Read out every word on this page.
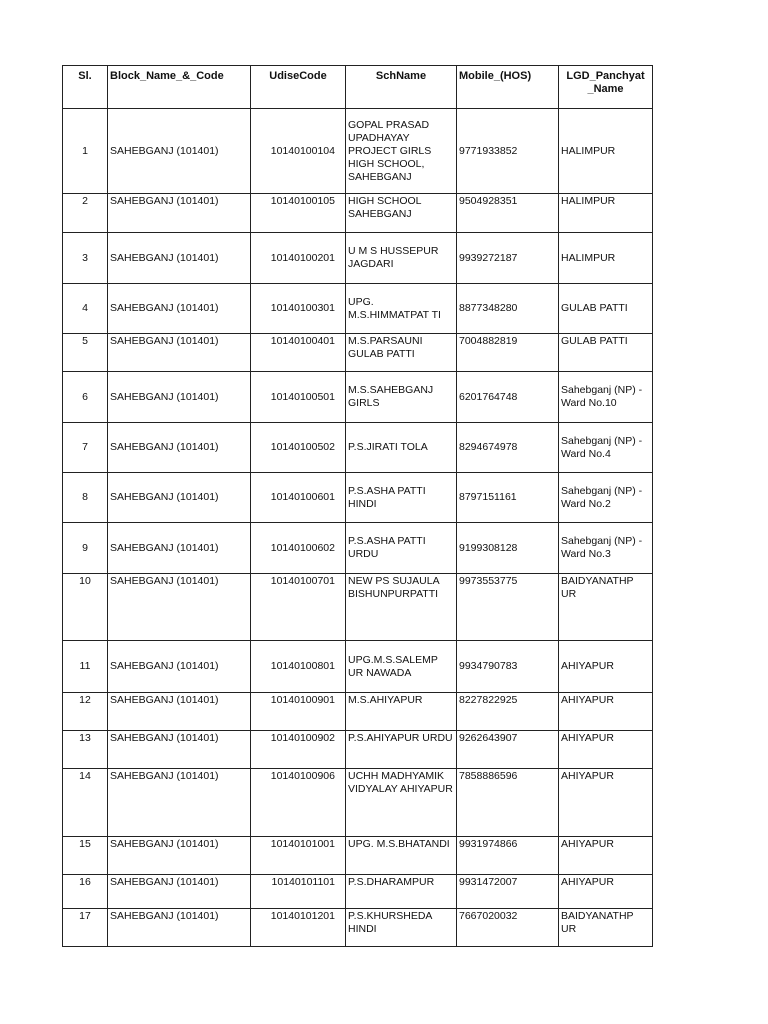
Sl.	Block_Name_&_Code	UdiseCode	SchName	Mobile_(HOS)	LGD_Panchyat _Name
1	SAHEBGANJ (101401)	10140100104	GOPAL PRASAD UPADHAYAY PROJECT GIRLS HIGH SCHOOL, SAHEBGANJ	9771933852	HALIMPUR
2	SAHEBGANJ (101401)	10140100105	HIGH SCHOOL SAHEBGANJ	9504928351	HALIMPUR
3	SAHEBGANJ (101401)	10140100201	U M S HUSSEPUR JAGDARI	9939272187	HALIMPUR
4	SAHEBGANJ (101401)	10140100301	UPG. M.S.HIMMATPAT TI	8877348280	GULAB PATTI
5	SAHEBGANJ (101401)	10140100401	M.S.PARSAUNI GULAB PATTI	7004882819	GULAB PATTI
6	SAHEBGANJ (101401)	10140100501	M.S.SAHEBGANJ GIRLS	6201764748	Sahebganj (NP) - Ward No.10
7	SAHEBGANJ (101401)	10140100502	P.S.JIRATI TOLA	8294674978	Sahebganj (NP) - Ward No.4
8	SAHEBGANJ (101401)	10140100601	P.S.ASHA PATTI HINDI	8797151161	Sahebganj (NP) - Ward No.2
9	SAHEBGANJ (101401)	10140100602	P.S.ASHA PATTI URDU	9199308128	Sahebganj (NP) - Ward No.3
10	SAHEBGANJ (101401)	10140100701	NEW PS SUJAULA BISHUNPURPATTI	9973553775	BAIDYANATHP UR
11	SAHEBGANJ (101401)	10140100801	UPG.M.S.SALEMP UR NAWADA	9934790783	AHIYAPUR
12	SAHEBGANJ (101401)	10140100901	M.S.AHIYAPUR	8227822925	AHIYAPUR
13	SAHEBGANJ (101401)	10140100902	P.S.AHIYAPUR URDU	9262643907	AHIYAPUR
14	SAHEBGANJ (101401)	10140100906	UCHH MADHYAMIK VIDYALAY AHIYAPUR	7858886596	AHIYAPUR
15	SAHEBGANJ (101401)	10140101001	UPG. M.S.BHATANDI	9931974866	AHIYAPUR
16	SAHEBGANJ (101401)	10140101101	P.S.DHARAMPUR	9931472007	AHIYAPUR
17	SAHEBGANJ (101401)	10140101201	P.S.KHURSHEDA HINDI	7667020032	BAIDYANATHP UR
